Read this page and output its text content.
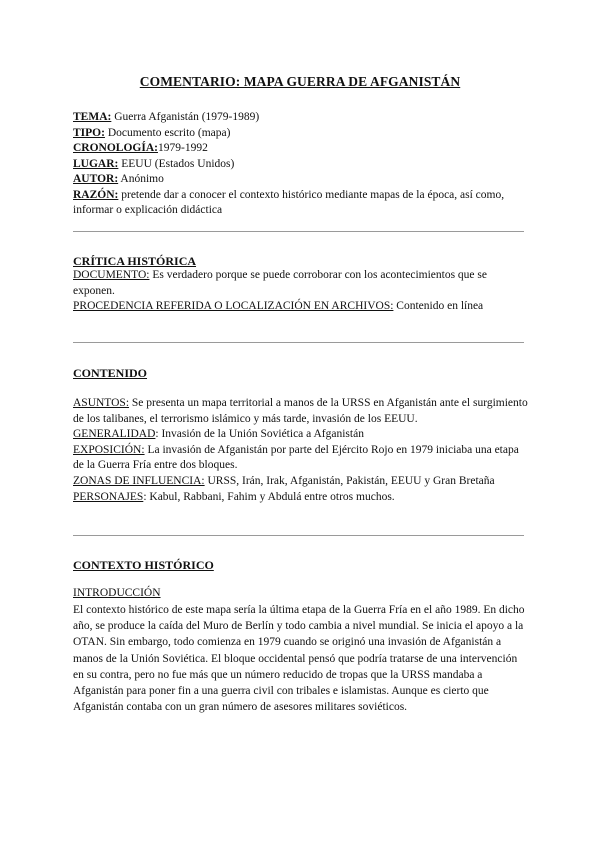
COMENTARIO: MAPA GUERRA DE AFGANISTÁN

TEMA: Guerra Afganistán (1979-1989)

TIPO: Documento escrito (mapa)

CRONOLOGÍA:1979-1992

LUGAR: EEUU (Estados Unidos)

AUTOR: Anónimo

RAZÓN: pretende dar a conocer el contexto histórico mediante mapas de la época, así como, informar o explicación didáctica

CRÍTICA HISTÓRICA

DOCUMENTO: Es verdadero porque se puede corroborar con los acontecimientos que se exponen.

PROCEDENCIA REFERIDA O LOCALIZACIÓN EN ARCHIVOS: Contenido en línea

CONTENIDO

ASUNTOS: Se presenta un mapa territorial a manos de la URSS en Afganistán ante el surgimiento de los talibanes, el terrorismo islámico y más tarde, invasión de los EEUU.

GENERALIDAD: Invasión de la Unión Soviética a Afganistán

EXPOSICIÓN: La invasión de Afganistán por parte del Ejército Rojo en 1979 iniciaba una etapa de la Guerra Fría entre dos bloques.

ZONAS DE INFLUENCIA: URSS, Irán, Irak, Afganistán, Pakistán, EEUU y Gran Bretaña

PERSONAJES: Kabul, Rabbani, Fahim y Abdulá entre otros muchos.

CONTEXTO HISTÓRICO

INTRODUCCIÓN

El contexto histórico de este mapa sería la última etapa de la Guerra Fría en el año 1989. En dicho año, se produce la caída del Muro de Berlín y todo cambia a nivel mundial. Se inicia el apoyo a la OTAN. Sin embargo, todo comienza en 1979 cuando se originó una invasión de Afganistán a manos de la Unión Soviética. El bloque occidental pensó que podría tratarse de una intervención en su contra, pero no fue más que un número reducido de tropas que la URSS mandaba a Afganistán para poner fin a una guerra civil con tribales e islamistas. Aunque es cierto que Afganistán contaba con un gran número de asesores militares soviéticos.
